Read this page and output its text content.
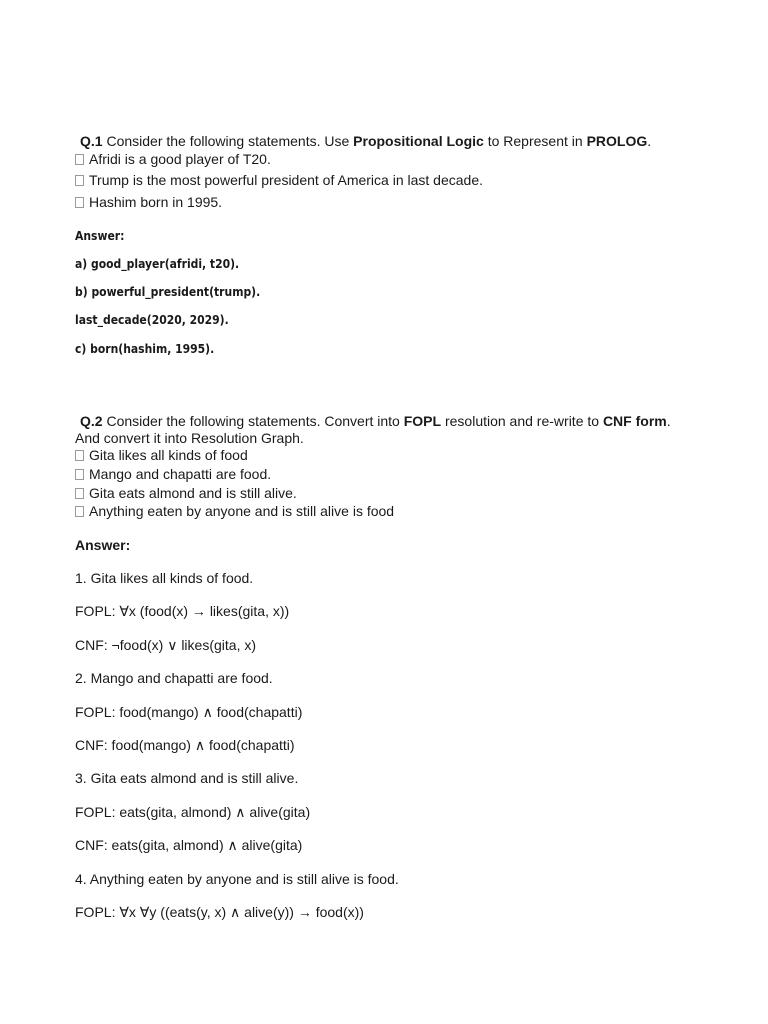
Q.1 Consider the following statements. Use Propositional Logic to Represent in PROLOG.
Afridi is a good player of T20.
Trump is the most powerful president of America in last decade.
Hashim born in 1995.
Answer:
a) good_player(afridi, t20).
b) powerful_president(trump).
last_decade(2020, 2029).
c) born(hashim, 1995).
Q.2 Consider the following statements. Convert into FOPL resolution and re-write to CNF form.
And convert it into Resolution Graph.
Gita likes all kinds of food
Mango and chapatti are food.
Gita eats almond and is still alive.
Anything eaten by anyone and is still alive is food
Answer:
1. Gita likes all kinds of food.
FOPL: ∀x (food(x) → likes(gita, x))
CNF: ¬food(x) ∨ likes(gita, x)
2. Mango and chapatti are food.
FOPL: food(mango) ∧ food(chapatti)
CNF: food(mango) ∧ food(chapatti)
3. Gita eats almond and is still alive.
FOPL: eats(gita, almond) ∧ alive(gita)
CNF: eats(gita, almond) ∧ alive(gita)
4. Anything eaten by anyone and is still alive is food.
FOPL: ∀x ∀y ((eats(y, x) ∧ alive(y)) → food(x))
